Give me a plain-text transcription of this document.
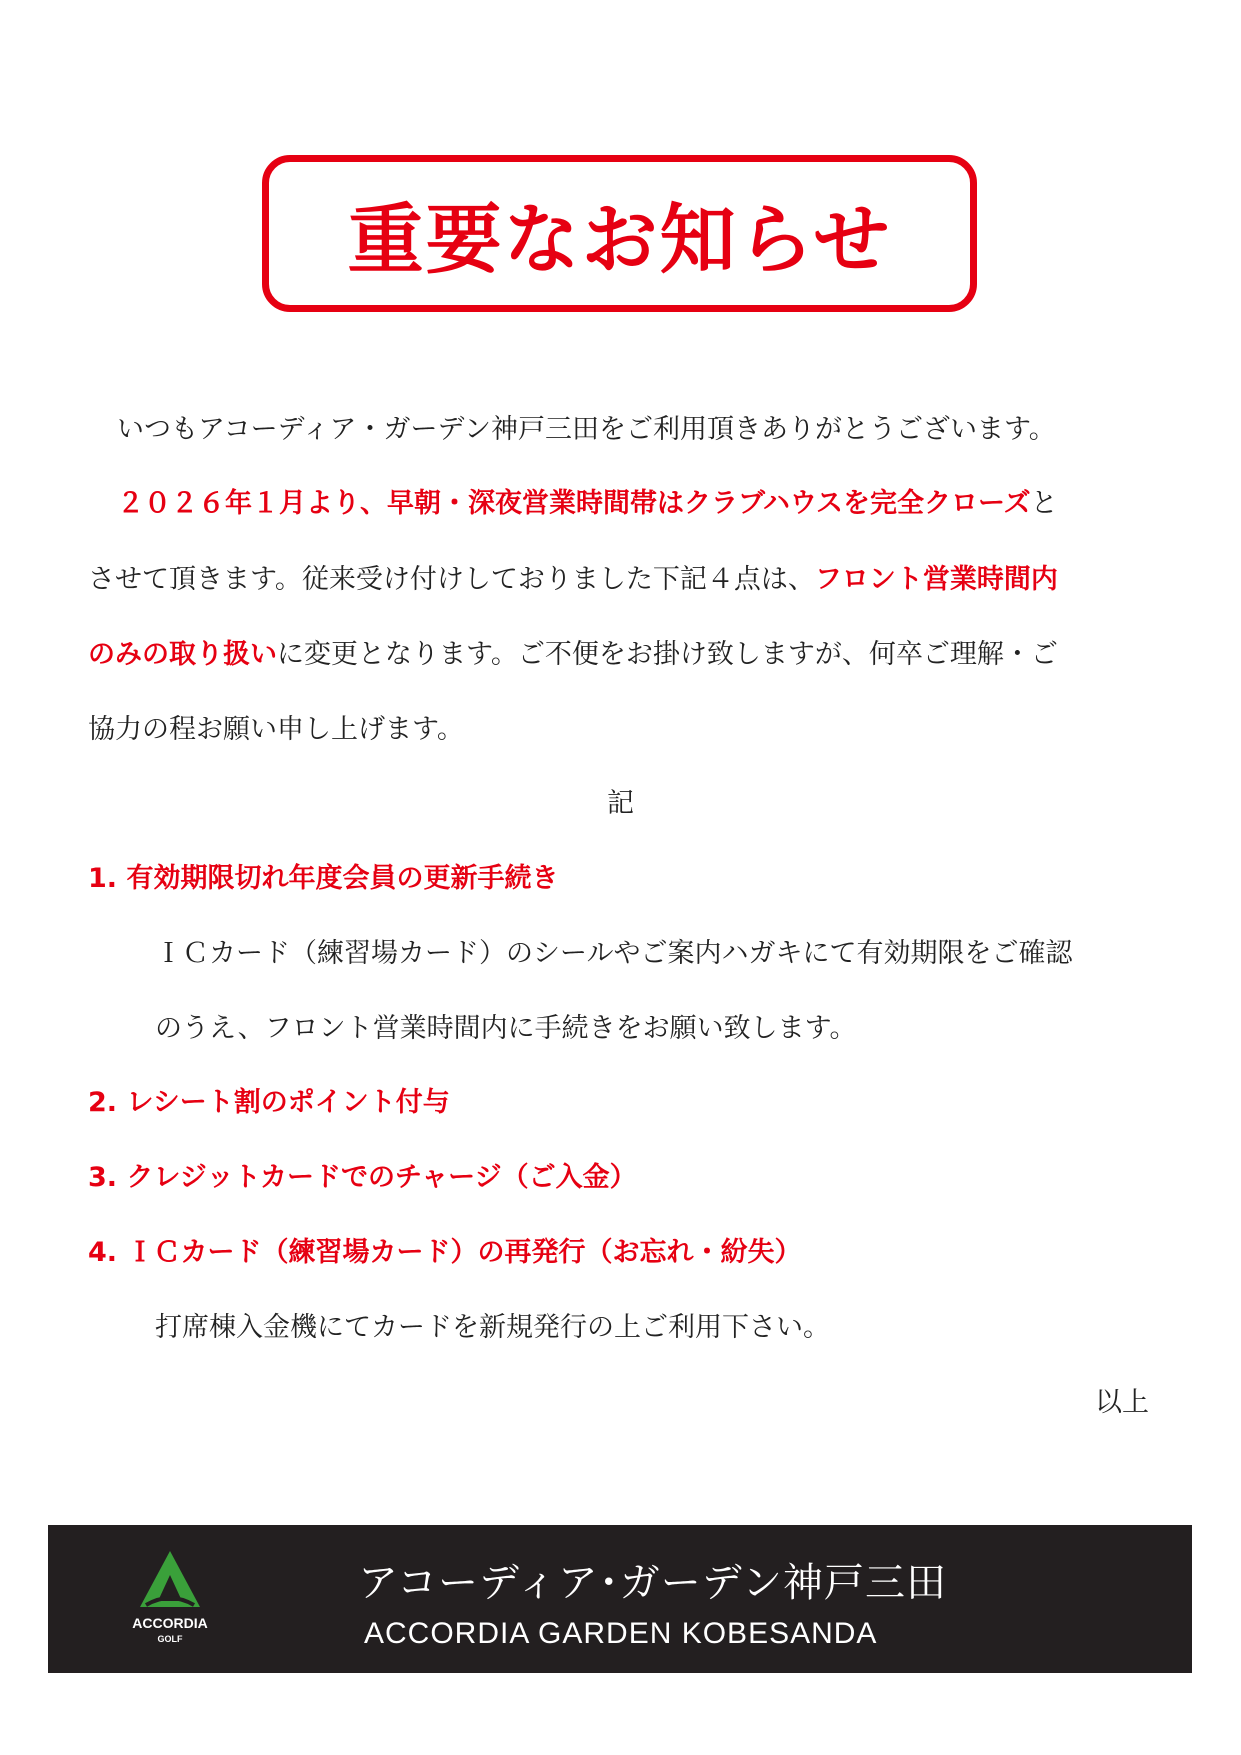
重要なお知らせ
いつもアコーディア・ガーデン神戸三田をご利用頂きありがとうございます。
２０２６年１月より、早朝・深夜営業時間帯はクラブハウスを完全クローズと
させて頂きます。従来受け付けしておりました下記４点は、フロント営業時間内
のみの取り扱いに変更となります。ご不便をお掛け致しますが、何卒ご理解・ご
協力の程お願い申し上げます。
記
1. 有効期限切れ年度会員の更新手続き
ＩＣカード（練習場カード）のシールやご案内ハガキにて有効期限をご確認
のうえ、フロント営業時間内に手続きをお願い致します。
2. レシート割のポイント付与
3. クレジットカードでのチャージ（ご入金）
4. ＩＣカード（練習場カード）の再発行（お忘れ・紛失）
打席棟入金機にてカードを新規発行の上ご利用下さい。
以上
ACCORDIA
GOLF
アコーディア･ガーデン神戸三田
ACCORDIA GARDEN KOBESANDA
